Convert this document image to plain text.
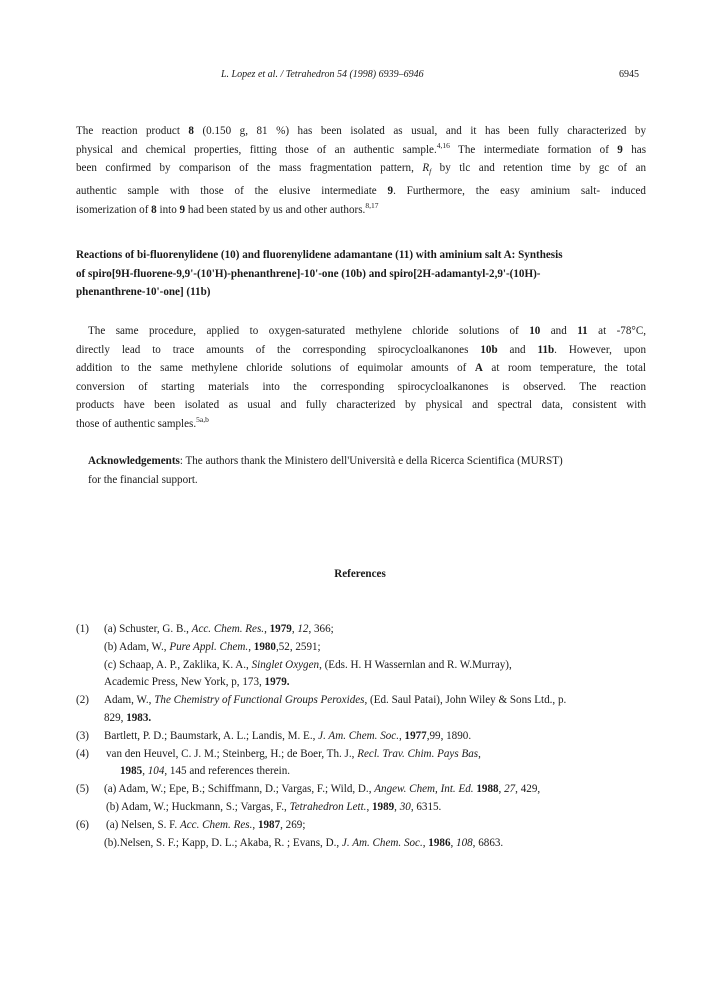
L. Lopez et al. / Tetrahedron 54 (1998) 6939–6946	6945

The reaction product 8 (0.150 g, 81 %) has been isolated as usual, and it has been fully characterized by
physical and chemical properties, fitting those of an authentic sample.$^{4,16}$ The intermediate formation of 9 has
been confirmed by comparison of the mass fragmentation pattern, $R_f$ by tlc and retention time by gc of an
authentic sample with those of the elusive intermediate 9. Furthermore, the easy aminium salt- induced
isomerization of 8 into 9 had been stated by us and other authors.$^{8,17}$

Reactions of bi-fluorenylidene (10) and fluorenylidene adamantane (11) with aminium salt A: Synthesis
of spiro[9H-fluorene-9,9'-(10'H)-phenanthrene]-10'-one (10b) and spiro[2H-adamantyl-2,9'-(10H)-
phenanthrene-10'-one] (11b)

The same procedure, applied to oxygen-saturated methylene chloride solutions of 10 and 11 at -78°C,
directly lead to trace amounts of the corresponding spirocycloalkanones 10b and 11b. However, upon
addition to the same methylene chloride solutions of equimolar amounts of A at room temperature, the total
conversion of starting materials into the corresponding spirocycloalkanones is observed. The reaction
products have been isolated as usual and fully characterized by physical and spectral data, consistent with
those of authentic samples.$^{5a,b}$

Acknowledgements: The authors thank the Ministero dell'Università e della Ricerca Scientifica (MURST)
for the financial support.

References
(1) (a) Schuster, G. B., Acc. Chem. Res., 1979, 12, 366;
(b) Adam, W., Pure Appl. Chem., 1980,52, 2591;
(c) Schaap, A. P., Zaklika, K. A., Singlet Oxygen, (Eds. H. H Wassernlan and R. W.Murray),
Academic Press, New York, p, 173, 1979.
(2) Adam, W., The Chemistry of Functional Groups Peroxides, (Ed. Saul Patai), John Wiley & Sons Ltd., p.
829, 1983.
(3) Bartlett, P. D.; Baumstark, A. L.; Landis, M. E., J. Am. Chem. Soc., 1977,99, 1890.
(4) van den Heuvel, C. J. M.; Steinberg, H.; de Boer, Th. J., Recl. Trav. Chim. Pays Bas,
1985, 104, 145 and references therein.
(5) (a) Adam, W.; Epe, B.; Schiffmann, D.; Vargas, F.; Wild, D., Angew. Chem, Int. Ed. 1988, 27, 429,
(b) Adam, W.; Huckmann, S.; Vargas, F., Tetrahedron Lett., 1989, 30, 6315.
(6) (a) Nelsen, S. F. Acc. Chem. Res., 1987, 269;
(b).Nelsen, S. F.; Kapp, D. L.; Akaba, R. ; Evans, D., J. Am. Chem. Soc., 1986, 108, 6863.
